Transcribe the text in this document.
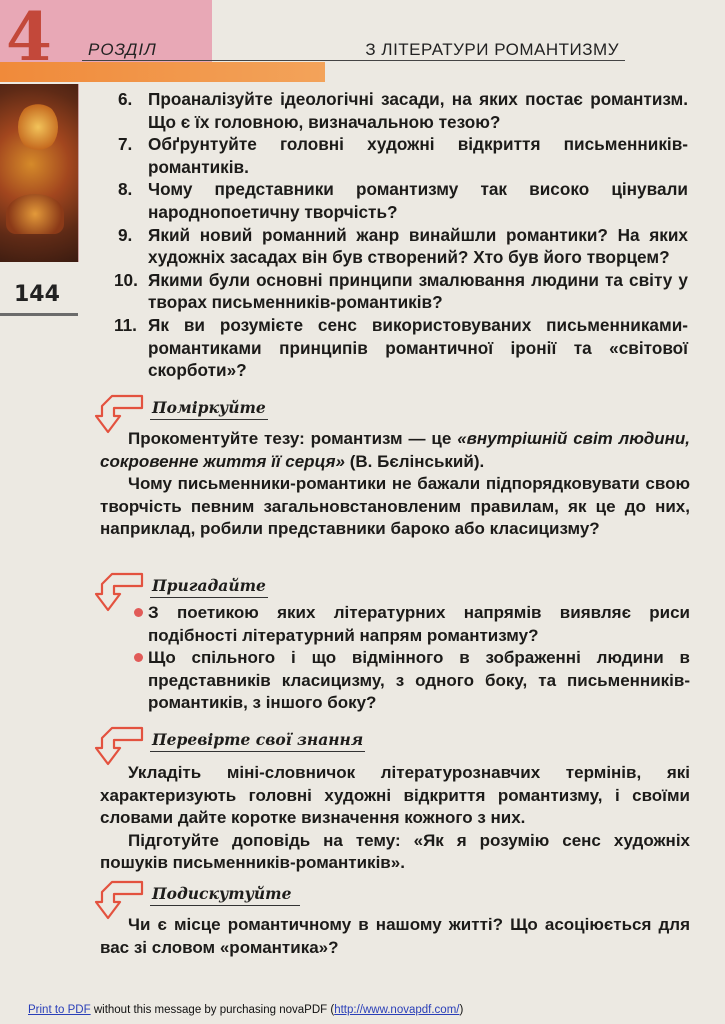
4 РОЗДІЛ	З ЛІТЕРАТУРИ РОМАНТИЗМУ
144

6. Проаналізуйте ідеологічні засади, на яких постає романтизм. Що є їх головною, визначальною тезою?

7. Обґрунтуйте головні художні відкриття письменників-романтиків.

8. Чому представники романтизму так високо цінували народнопоетичну творчість?

9. Який новий романний жанр винайшли романтики? На яких художніх засадах він був створений? Хто був його творцем?

10. Якими були основні принципи змалювання людини та світу у творах письменників-романтиків?

11. Як ви розумієте сенс використовуваних письменниками-романтиками принципів романтичної іронії та «світової скорботи»?

Поміркуйте

Прокоментуйте тезу: романтизм — це «внутрішній світ людини, сокровенне життя її серця» (В. Бєлінський).

Чому письменники-романтики не бажали підпорядковувати свою творчість певним загальновстановленим правилам, як це до них, наприклад, робили представники бароко або класицизму?

Пригадайте

З поетикою яких літературних напрямів виявляє риси подібності літературний напрям романтизму?

Що спільного і що відмінного в зображенні людини в представників класицизму, з одного боку, та письменників-романтиків, з іншого боку?

Перевірте свої знання

Укладіть міні-словничок літературознавчих термінів, які характеризують головні художні відкриття романтизму, і своїми словами дайте коротке визначення кожного з них.

Підготуйте доповідь на тему: «Як я розумію сенс художніх пошуків письменників-романтиків».

Подискутуйте

Чи є місце романтичному в нашому житті? Що асоціюється для вас зі словом «романтика»?

Print to PDF without this message by purchasing novaPDF (http://www.novapdf.com/)
